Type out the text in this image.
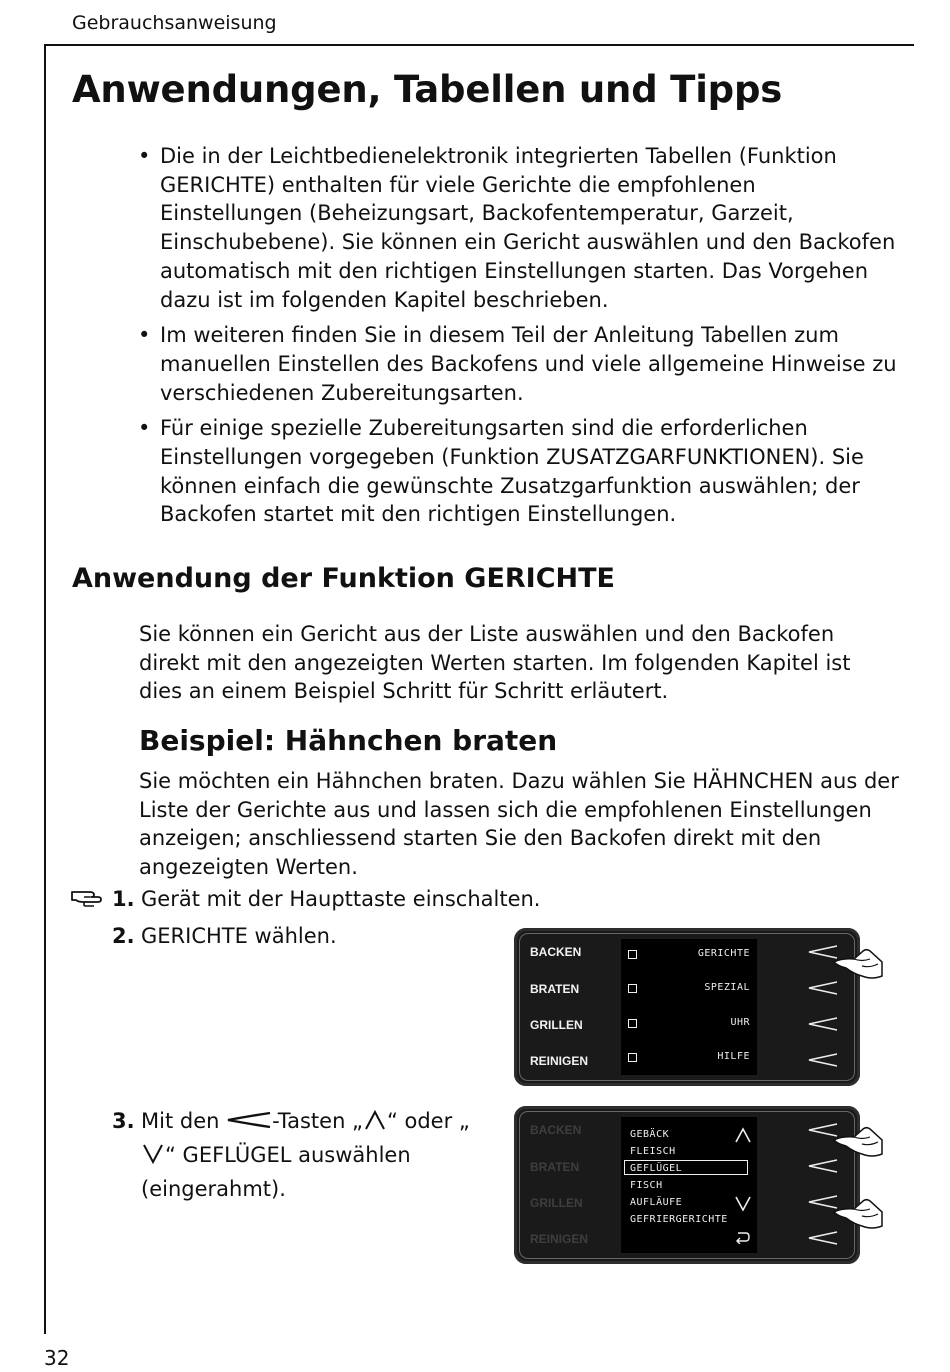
Gebrauchsanweisung
32
Anwendungen, Tabellen und Tipps
• Die in der Leichtbedienelektronik integrierten Tabellen (Funktion GERICHTE) enthalten für viele Gerichte die empfohlenen Einstellungen (Beheizungsart, Backofentemperatur, Garzeit, Einschubebene). Sie können ein Gericht auswählen und den Backofen automatisch mit den richtigen Einstellungen starten. Das Vorgehen dazu ist im folgenden Kapitel beschrieben.
• Im weiteren finden Sie in diesem Teil der Anleitung Tabellen zum manuellen Einstellen des Backofens und viele allgemeine Hinweise zu verschiedenen Zubereitungsarten.
• Für einige spezielle Zubereitungsarten sind die erforderlichen Einstellungen vorgegeben (Funktion ZUSATZGARFUNKTIONEN). Sie können einfach die gewünschte Zusatzgarfunktion auswählen; der Backofen startet mit den richtigen Einstellungen.
Anwendung der Funktion GERICHTE

Sie können ein Gericht aus der Liste auswählen und den Backofen direkt mit den angezeigten Werten starten. Im folgenden Kapitel ist dies an einem Beispiel Schritt für Schritt erläutert.

Beispiel: Hähnchen braten

Sie möchten ein Hähnchen braten. Dazu wählen Sie HÄHNCHEN aus der Liste der Gerichte aus und lassen sich die empfohlenen Einstellungen anzeigen; anschliessend starten Sie den Backofen direkt mit den angezeigten Werten.

1. Gerät mit der Haupttaste einschalten.
2. GERICHTE wählen.
3. Mit den -Tasten „ “ oder „“ GEFLÜGEL auswählen (eingerahmt).
BACKEN
BRATEN
GRILLEN
REINIGEN
GERICHTE
SPEZIAL
UHR
HILFE
BACKEN
BRATEN
GRILLEN
REINIGEN
GEBÄCK
FLEISCH
GEFLÜGEL
FISCH
AUFLÄUFE
GEFRIERGERICHTE
